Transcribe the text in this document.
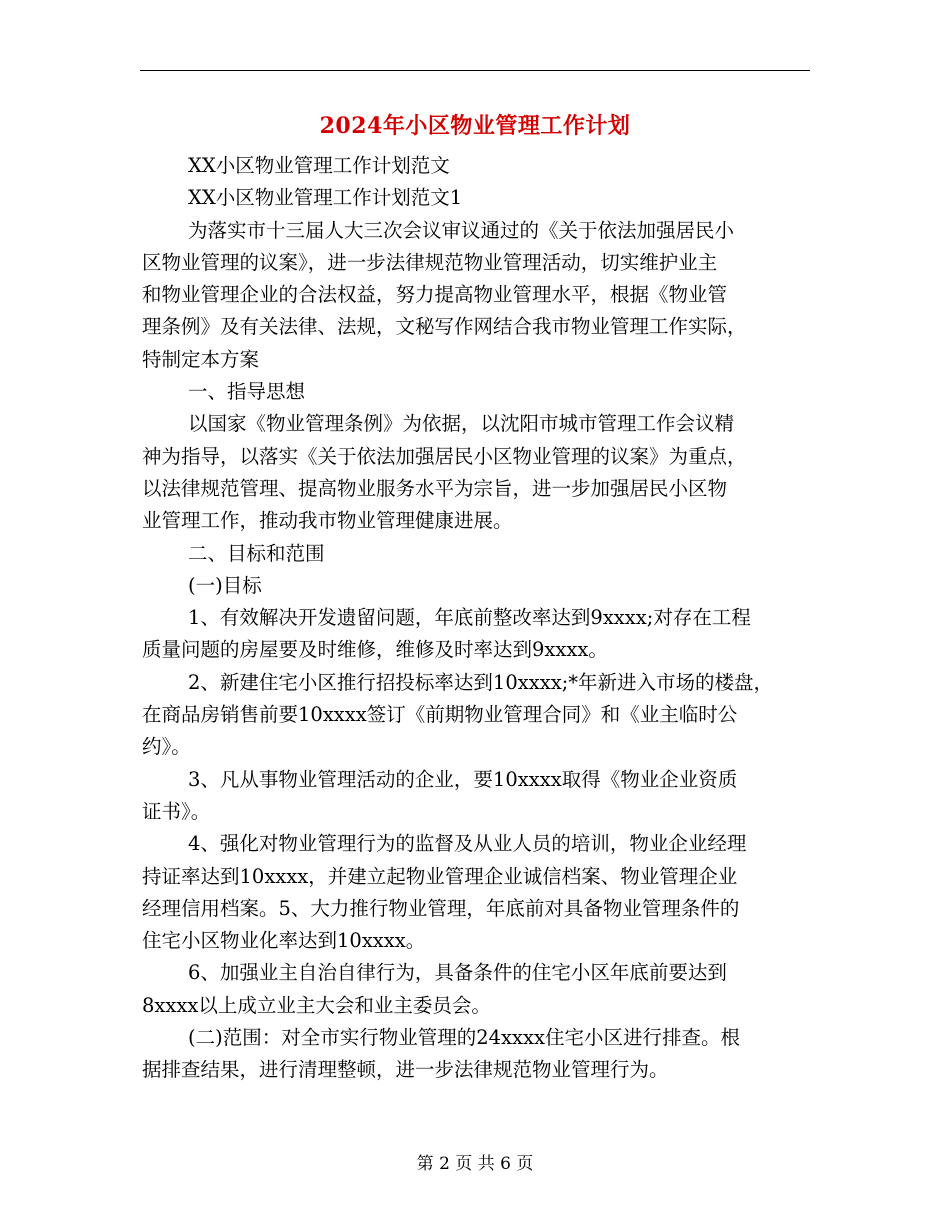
2024年小区物业管理工作计划

XX小区物业管理工作计划范文

XX小区物业管理工作计划范文1

为落实市十三届人大三次会议审议通过的《关于依法加强居民小
区物业管理的议案》，进一步法律规范物业管理活动，切实维护业主
和物业管理企业的合法权益，努力提高物业管理水平，根据《物业管
理条例》及有关法律、法规，文秘写作网结合我市物业管理工作实际，
特制定本方案

一、指导思想

以国家《物业管理条例》为依据，以沈阳市城市管理工作会议精
神为指导，以落实《关于依法加强居民小区物业管理的议案》为重点，
以法律规范管理、提高物业服务水平为宗旨，进一步加强居民小区物
业管理工作，推动我市物业管理健康进展。

二、目标和范围

(一)目标

1、有效解决开发遗留问题，年底前整改率达到9xxxx;对存在工程
质量问题的房屋要及时维修，维修及时率达到9xxxx。

2、新建住宅小区推行招投标率达到10xxxx;*年新进入市场的楼盘，
在商品房销售前要10xxxx签订《前期物业管理合同》和《业主临时公
约》。

3、凡从事物业管理活动的企业，要10xxxx取得《物业企业资质
证书》。

4、强化对物业管理行为的监督及从业人员的培训，物业企业经理
持证率达到10xxxx，并建立起物业管理企业诚信档案、物业管理企业
经理信用档案。5、大力推行物业管理，年底前对具备物业管理条件的
住宅小区物业化率达到10xxxx。

6、加强业主自治自律行为，具备条件的住宅小区年底前要达到
8xxxx以上成立业主大会和业主委员会。

(二)范围：对全市实行物业管理的24xxxx住宅小区进行排查。根
据排查结果，进行清理整顿，进一步法律规范物业管理行为。

第 2 页 共 6 页
